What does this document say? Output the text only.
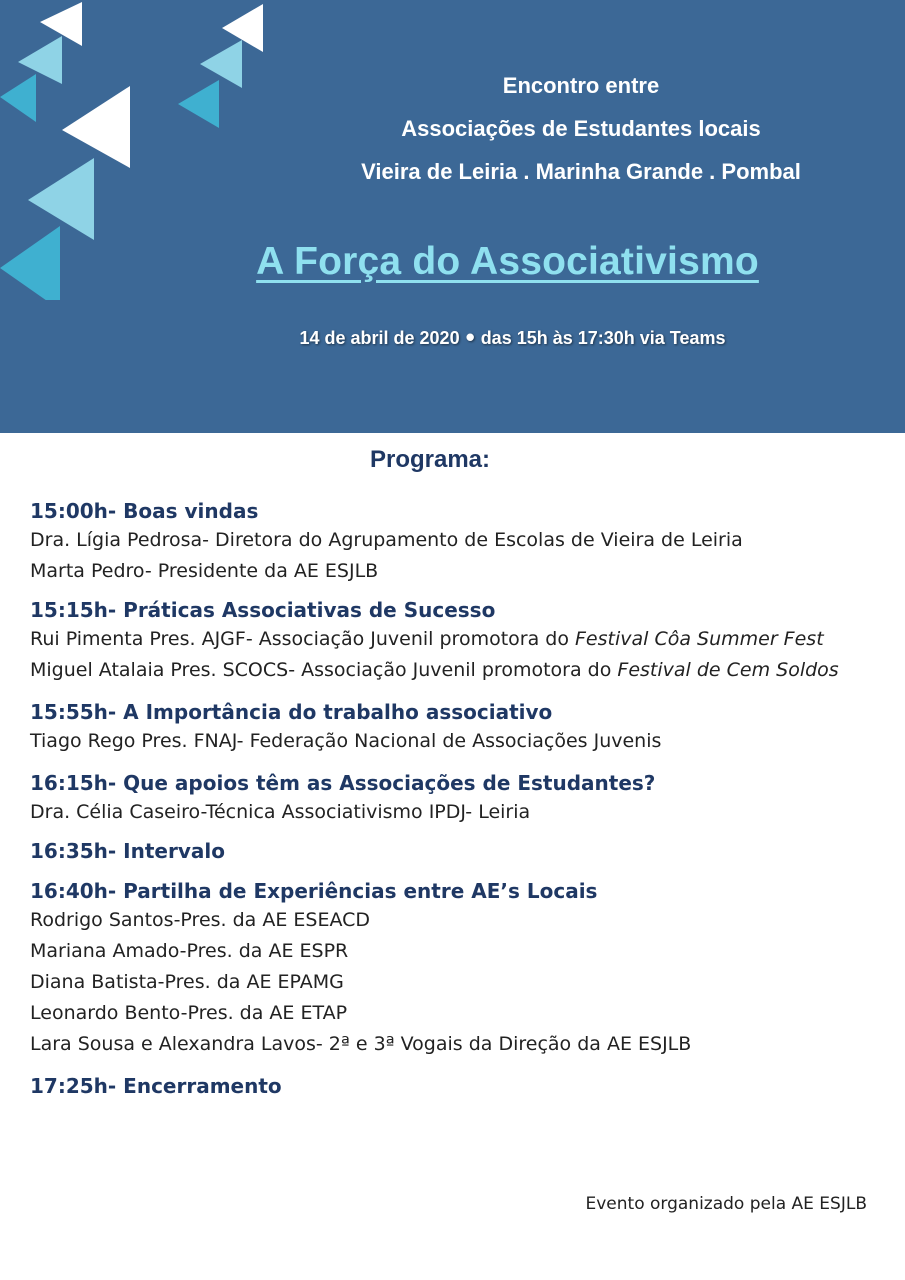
Encontro entre
Associações de Estudantes locais
Vieira de Leiria . Marinha Grande . Pombal
A Força do Associativismo
14 de abril de 2020 • das 15h às 17:30h via Teams
Programa:
15:00h- Boas vindas
Dra. Lígia Pedrosa- Diretora do Agrupamento de Escolas de Vieira de Leiria
Marta Pedro- Presidente da AE ESJLB
15:15h- Práticas Associativas de Sucesso
Rui Pimenta Pres. AJGF- Associação Juvenil promotora do Festival Côa Summer Fest
Miguel Atalaia Pres. SCOCS- Associação Juvenil promotora do Festival de Cem Soldos
15:55h- A Importância do trabalho associativo
Tiago Rego Pres. FNAJ- Federação Nacional de Associações Juvenis
16:15h- Que apoios têm as Associações de Estudantes?
Dra. Célia Caseiro-Técnica Associativismo IPDJ- Leiria
16:35h- Intervalo
16:40h- Partilha de Experiências entre AE’s Locais
Rodrigo Santos-Pres. da AE ESEACD
Mariana Amado-Pres. da AE ESPR
Diana Batista-Pres. da AE EPAMG
Leonardo Bento-Pres. da AE ETAP
Lara Sousa e Alexandra Lavos- 2ª e 3ª Vogais da Direção da AE ESJLB
17:25h- Encerramento
Evento organizado pela AE ESJLB
